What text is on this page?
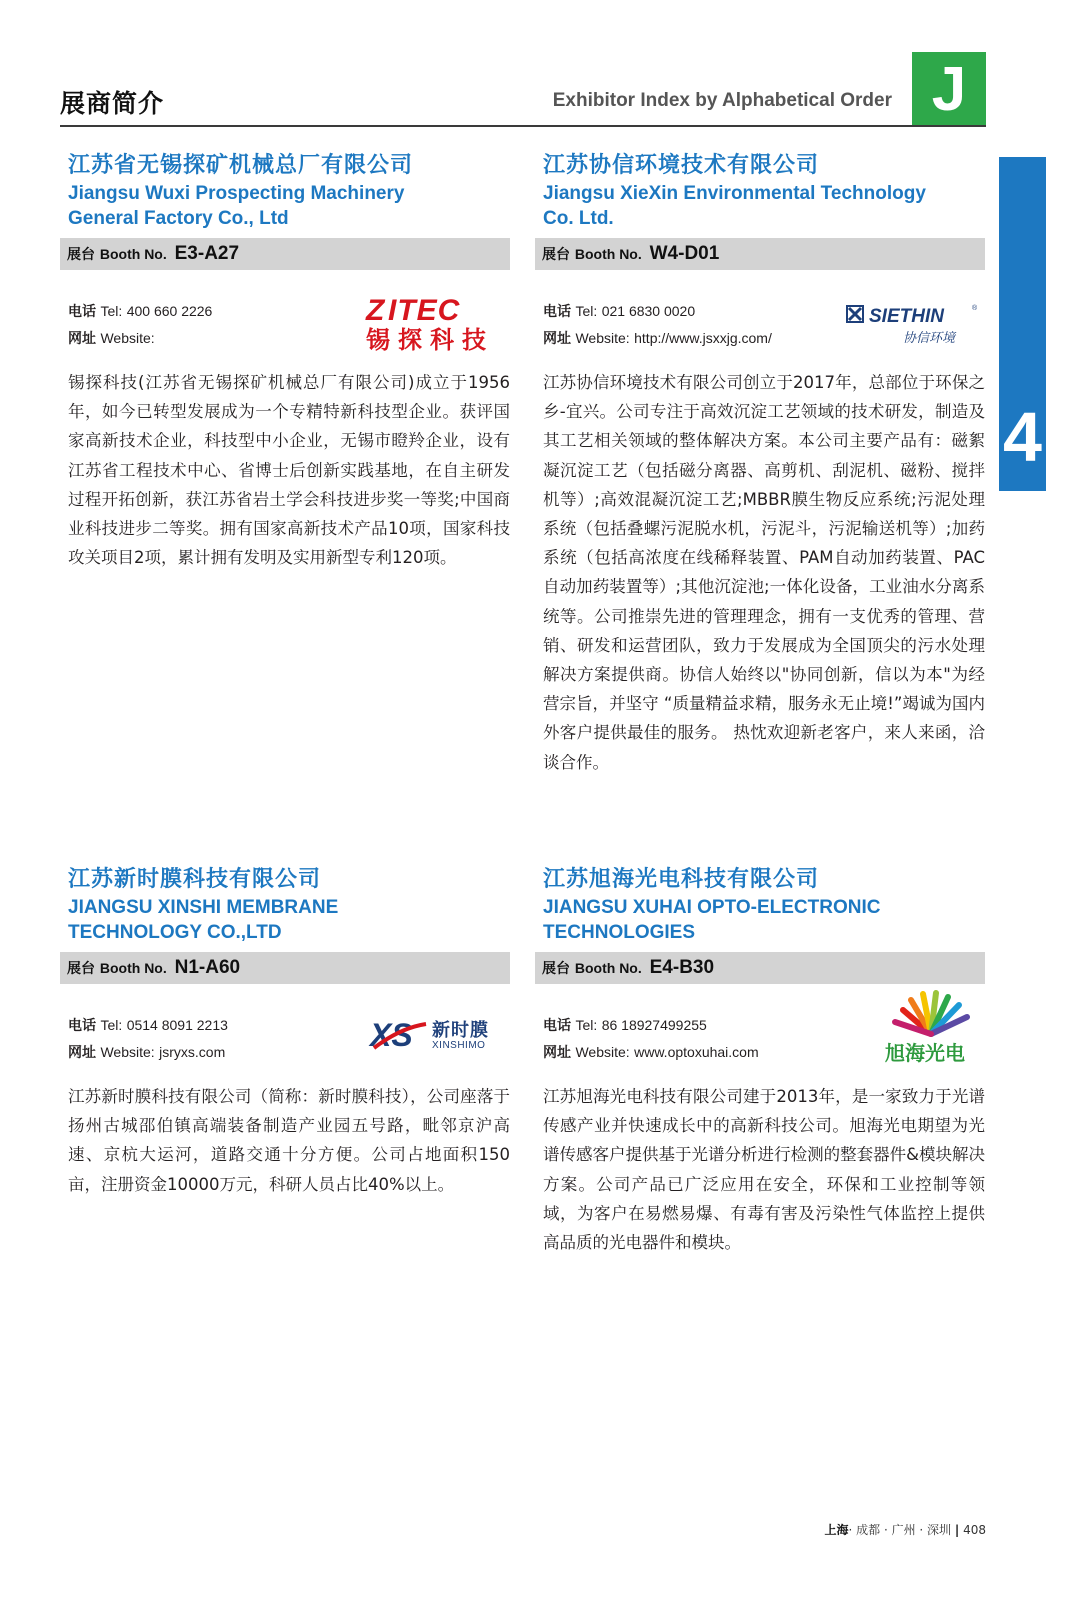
展商简介	Exhibitor Index by Alphabetical Order J
4
江苏省无锡探矿机械总厂有限公司
Jiangsu Wuxi Prospecting Machinery
General Factory Co., Ltd
展台 Booth No. E3-A27
电话 Tel: 400 660 2226
网址 Website:
Z ITEC
锡探科技
锡探科技(江苏省无锡探矿机械总厂有限公司)成立于1956年，如今已转型发展成为一个专精特新科技型企业。获评国家高新技术企业，科技型中小企业，无锡市瞪羚企业，设有江苏省工程技术中心、省博士后创新实践基地，在自主研发过程开拓创新，获江苏省岩土学会科技进步奖一等奖;中国商业科技进步二等奖。拥有国家高新技术产品10项，国家科技攻关项目2项，累计拥有发明及实用新型专利120项。
江苏协信环境技术有限公司
Jiangsu XieXin Environmental Technology
Co. Ltd.
展台 Booth No. W4-D01
电话 Tel: 021 6830 0020
网址 Website: http://www.jsxxjg.com/
SIETHIN	®
协信环境
江苏协信环境技术有限公司创立于2017年，总部位于环保之乡-宜兴。公司专注于高效沉淀工艺领域的技术研发，制造及其工艺相关领域的整体解决方案。本公司主要产品有：磁絮凝沉淀工艺（包括磁分离器、高剪机、刮泥机、磁粉、搅拌机等）;高效混凝沉淀工艺;MBBR膜生物反应系统;污泥处理系统（包括叠螺污泥脱水机，污泥斗，污泥输送机等）;加药系统（包括高浓度在线稀释装置、PAM自动加药装置、PAC自动加药装置等）;其他沉淀池;一体化设备，工业油水分离系统等。公司推崇先进的管理理念，拥有一支优秀的管理、营销、研发和运营团队，致力于发展成为全国顶尖的污水处理解决方案提供商。协信人始终以"协同创新，信以为本"为经营宗旨，并坚守 “质量精益求精，服务永无止境!”竭诚为国内外客户提供最佳的服务。 热忱欢迎新老客户，来人来函，洽谈合作。
江苏新时膜科技有限公司
JIANGSU XINSHI MEMBRANE
TECHNOLOGY CO.,LTD
展台 Booth No. N1-A60
电话 Tel: 0514 8091 2213
网址 Website: jsryxs.com	XS 新时膜
XINSHIMO
江苏新时膜科技有限公司（简称：新时膜科技），公司座落于扬州古城邵伯镇高端装备制造产业园五号路，毗邻京沪高速、京杭大运河，道路交通十分方便。公司占地面积150亩，注册资金10000万元，科研人员占比40%以上。
江苏旭海光电科技有限公司
JIANGSU XUHAI OPTO-ELECTRONIC
TECHNOLOGIES
展台 Booth No. E4-B30
电话 Tel: 86 18927499255
网址 Website: www.optoxuhai.com	旭海光电
江苏旭海光电科技有限公司建于2013年，是一家致力于光谱传感产业并快速成长中的高新科技公司。旭海光电期望为光谱传感客户提供基于光谱分析进行检测的整套器件&模块解决方案。公司产品已广泛应用在安全，环保和工业控制等领域，为客户在易燃易爆、有毒有害及污染性气体监控上提供高品质的光电器件和模块。
上海· 成都 · 广州 · 深圳 | 408
